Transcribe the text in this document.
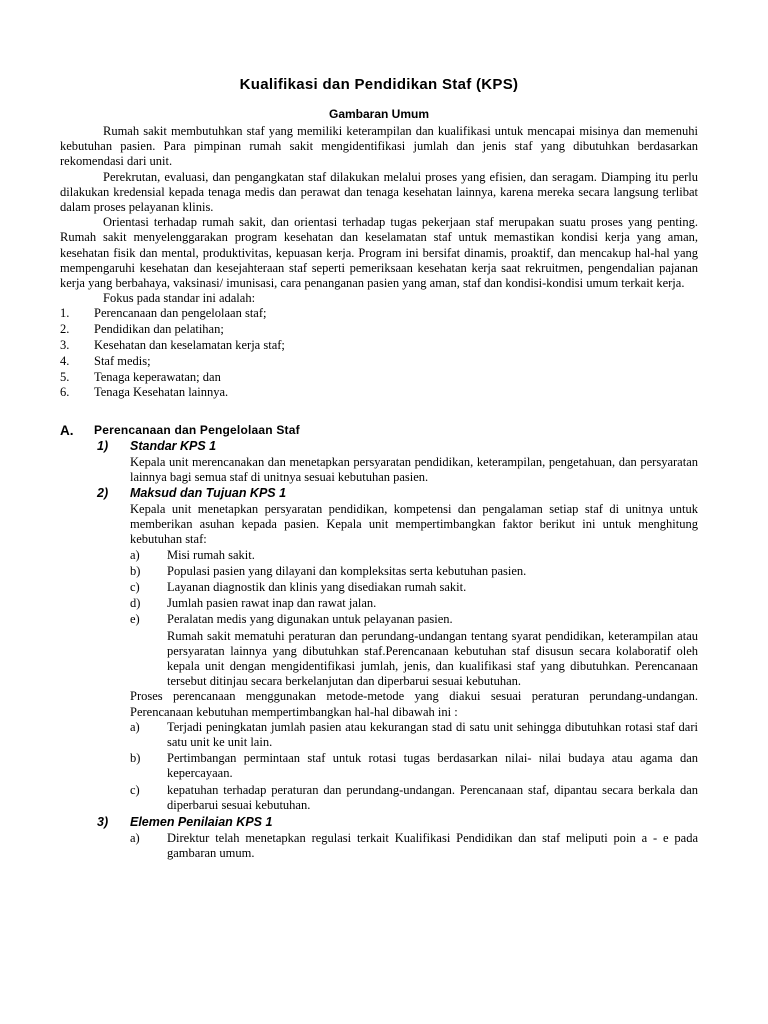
Kualifikasi dan Pendidikan Staf (KPS)
Gambaran Umum

Rumah sakit membutuhkan staf yang memiliki keterampilan dan kualifikasi untuk mencapai misinya dan memenuhi kebutuhan pasien. Para pimpinan rumah sakit mengidentifikasi jumlah dan jenis staf yang dibutuhkan berdasarkan rekomendasi dari unit.

Perekrutan, evaluasi, dan pengangkatan staf dilakukan melalui proses yang efisien, dan seragam. Diamping itu perlu dilakukan kredensial kepada tenaga medis dan perawat dan tenaga kesehatan lainnya, karena mereka secara langsung terlibat dalam proses pelayanan klinis.

Orientasi terhadap rumah sakit, dan orientasi terhadap tugas pekerjaan staf merupakan suatu proses yang penting. Rumah sakit menyelenggarakan program kesehatan dan keselamatan staf untuk memastikan kondisi kerja yang aman, kesehatan fisik dan mental, produktivitas, kepuasan kerja. Program ini bersifat dinamis, proaktif, dan mencakup hal-hal yang mempengaruhi kesehatan dan kesejahteraan staf seperti pemeriksaan kesehatan kerja saat rekruitmen, pengendalian pajanan kerja yang berbahaya, vaksinasi/ imunisasi, cara penanganan pasien yang aman, staf dan kondisi-kondisi umum terkait kerja.

Fokus pada standar ini adalah:

1. Perencanaan dan pengelolaan staf;
2. Pendidikan dan pelatihan;
3. Kesehatan dan keselamatan kerja staf;
4. Staf medis;
5. Tenaga keperawatan; dan
6. Tenaga Kesehatan lainnya.
A. Perencanaan dan Pengelolaan Staf
1) Standar KPS 1
Kepala unit merencanakan dan menetapkan persyaratan pendidikan, keterampilan, pengetahuan, dan persyaratan lainnya bagi semua staf di unitnya sesuai kebutuhan pasien.
2) Maksud dan Tujuan KPS 1
Kepala unit menetapkan persyaratan pendidikan, kompetensi dan pengalaman setiap staf di unitnya untuk memberikan asuhan kepada pasien. Kepala unit mempertimbangkan faktor berikut ini untuk menghitung kebutuhan staf:
a) Misi rumah sakit.
b) Populasi pasien yang dilayani dan kompleksitas serta kebutuhan pasien.
c) Layanan diagnostik dan klinis yang disediakan rumah sakit.
d) Jumlah pasien rawat inap dan rawat jalan.
e) Peralatan medis yang digunakan untuk pelayanan pasien.
Rumah sakit mematuhi peraturan dan perundang-undangan tentang syarat pendidikan, keterampilan atau persyaratan lainnya yang dibutuhkan staf.Perencanaan kebutuhan staf disusun secara kolaboratif oleh kepala unit dengan mengidentifikasi jumlah, jenis, dan kualifikasi staf yang dibutuhkan. Perencanaan tersebut ditinjau secara berkelanjutan dan diperbarui sesuai kebutuhan.
Proses perencanaan menggunakan metode-metode yang diakui sesuai peraturan perundang-undangan. Perencanaan kebutuhan mempertimbangkan hal-hal dibawah ini :
a) Terjadi peningkatan jumlah pasien atau kekurangan stad di satu unit sehingga dibutuhkan rotasi staf dari satu unit ke unit lain.
b) Pertimbangan permintaan staf untuk rotasi tugas berdasarkan nilai- nilai budaya atau agama dan kepercayaan.
c) kepatuhan terhadap peraturan dan perundang-undangan. Perencanaan staf, dipantau secara berkala dan diperbarui sesuai kebutuhan.
3) Elemen Penilaian KPS 1
a) Direktur telah menetapkan regulasi terkait Kualifikasi Pendidikan dan staf meliputi poin a - e pada gambaran umum.
